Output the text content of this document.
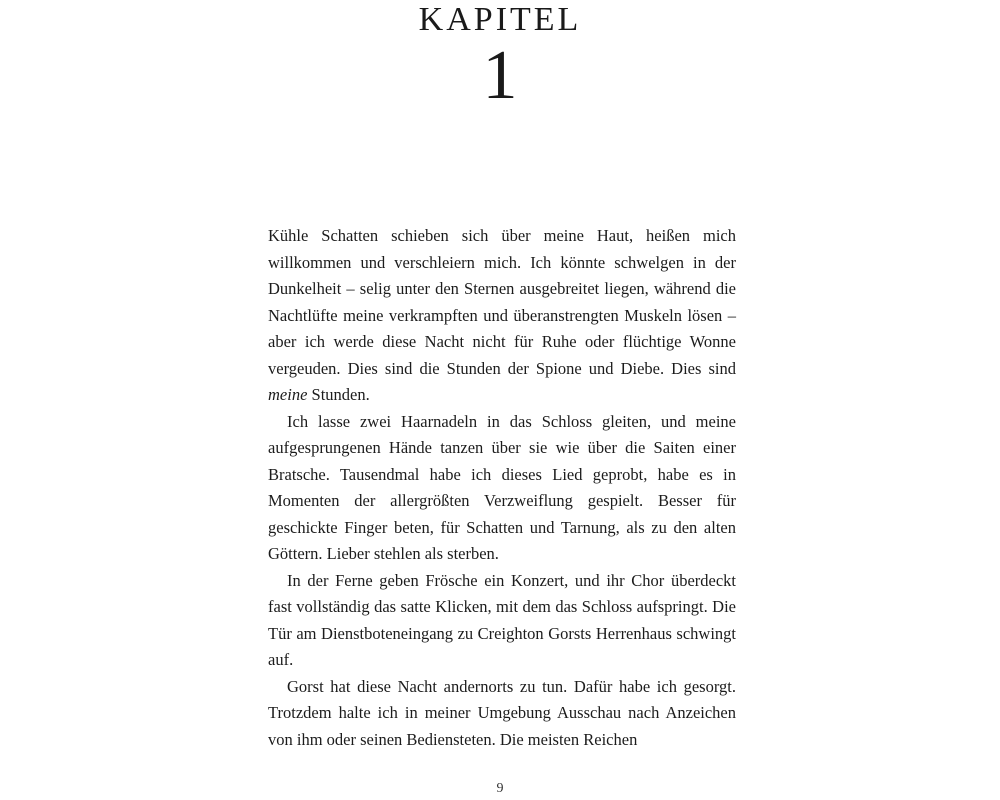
KAPITEL
1

Kühle Schatten schieben sich über meine Haut, heißen mich willkommen und verschleiern mich. Ich könnte schwelgen in der Dunkelheit – selig unter den Sternen ausgebreitet liegen, während die Nachtlüfte meine verkrampften und überanstrengten Muskeln lösen – aber ich werde diese Nacht nicht für Ruhe oder flüchtige Wonne vergeuden. Dies sind die Stunden der Spione und Diebe. Dies sind meine Stunden.

Ich lasse zwei Haarnadeln in das Schloss gleiten, und meine aufgesprungenen Hände tanzen über sie wie über die Saiten einer Bratsche. Tausendmal habe ich dieses Lied geprobt, habe es in Momenten der allergrößten Verzweiflung gespielt. Besser für geschickte Finger beten, für Schatten und Tarnung, als zu den alten Göttern. Lieber stehlen als sterben.

In der Ferne geben Frösche ein Konzert, und ihr Chor überdeckt fast vollständig das satte Klicken, mit dem das Schloss aufspringt. Die Tür am Dienstboteneingang zu Creighton Gorsts Herrenhaus schwingt auf.

Gorst hat diese Nacht andernorts zu tun. Dafür habe ich gesorgt. Trotzdem halte ich in meiner Umgebung Ausschau nach Anzeichen von ihm oder seinen Bediensteten. Die meisten Reichen

9
